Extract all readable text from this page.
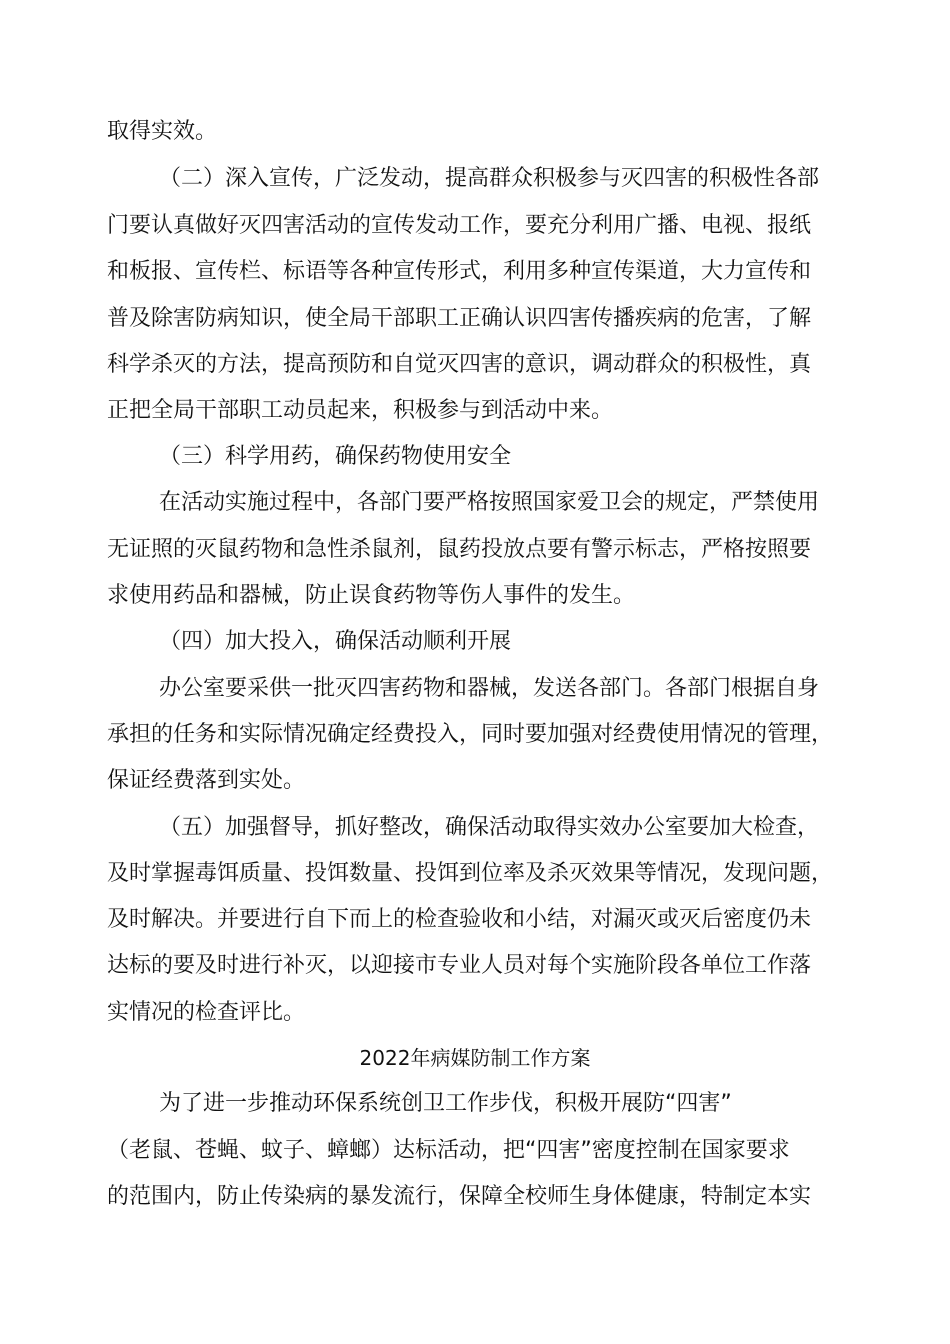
取得实效。
（二）深入宣传，广泛发动，提高群众积极参与灭四害的积极性各部
门要认真做好灭四害活动的宣传发动工作，要充分利用广播、电视、报纸
和板报、宣传栏、标语等各种宣传形式，利用多种宣传渠道，大力宣传和
普及除害防病知识，使全局干部职工正确认识四害传播疾病的危害，了解
科学杀灭的方法，提高预防和自觉灭四害的意识，调动群众的积极性，真
正把全局干部职工动员起来，积极参与到活动中来。
（三）科学用药，确保药物使用安全
在活动实施过程中，各部门要严格按照国家爱卫会的规定，严禁使用
无证照的灭鼠药物和急性杀鼠剂，鼠药投放点要有警示标志，严格按照要
求使用药品和器械，防止误食药物等伤人事件的发生。
（四）加大投入，确保活动顺利开展
办公室要采供一批灭四害药物和器械，发送各部门。各部门根据自身
承担的任务和实际情况确定经费投入，同时要加强对经费使用情况的管理，
保证经费落到实处。
（五）加强督导，抓好整改，确保活动取得实效办公室要加大检查，
及时掌握毒饵质量、投饵数量、投饵到位率及杀灭效果等情况，发现问题，
及时解决。并要进行自下而上的检查验收和小结，对漏灭或灭后密度仍未
达标的要及时进行补灭，以迎接市专业人员对每个实施阶段各单位工作落
实情况的检查评比。
2022年病媒防制工作方案
为了进一步推动环保系统创卫工作步伐，积极开展防“四害”
（老鼠、苍蝇、蚊子、蟑螂）达标活动，把“四害”密度控制在国家要求
的范围内，防止传染病的暴发流行，保障全校师生身体健康，特制定本实
